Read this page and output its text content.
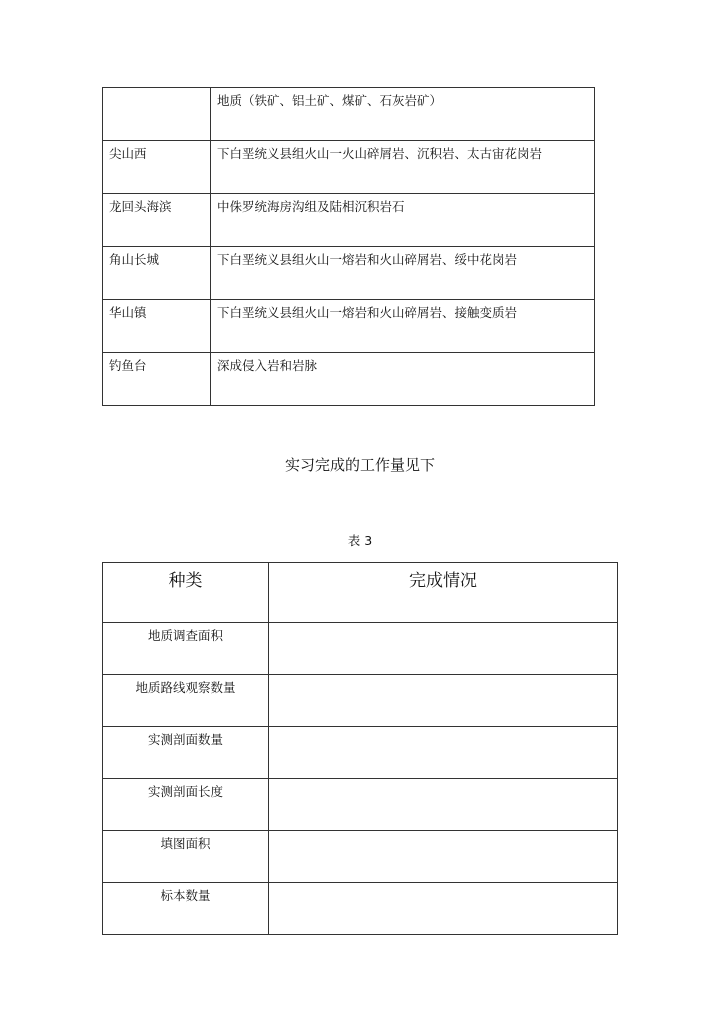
	地质（铁矿、铝土矿、煤矿、石灰岩矿）
尖山西	下白垩统义县组火山一火山碎屑岩、沉积岩、太古宙花岗岩
龙回头海滨	中侏罗统海房沟组及陆相沉积岩石
角山长城	下白垩统义县组火山一熔岩和火山碎屑岩、绥中花岗岩
华山镇	下白垩统义县组火山一熔岩和火山碎屑岩、接触变质岩
钓鱼台	深成侵入岩和岩脉
实习完成的工作量见下
表 3
种类	完成情况
地质调查面积	
地质路线观察数量	
实测剖面数量	
实测剖面长度	
填图面积	
标本数量	
